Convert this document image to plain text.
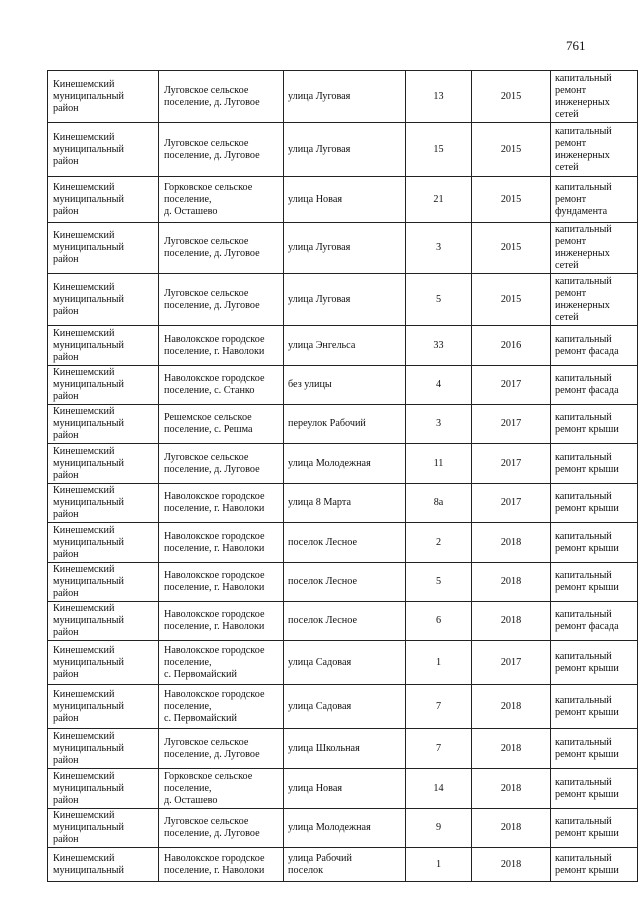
761
Кинешемский
муниципальный
район	Луговское сельское
поселение, д. Луговое	улица Луговая	13	2015	капитальный
ремонт
инженерных
сетей
Кинешемский
муниципальный
район	Луговское сельское
поселение, д. Луговое	улица Луговая	15	2015	капитальный
ремонт
инженерных
сетей
Кинешемский
муниципальный
район	Горковское сельское
поселение,
д. Осташево	улица Новая	21	2015	капитальный
ремонт
фундамента
Кинешемский
муниципальный
район	Луговское сельское
поселение, д. Луговое	улица Луговая	3	2015	капитальный
ремонт
инженерных
сетей
Кинешемский
муниципальный
район	Луговское сельское
поселение, д. Луговое	улица Луговая	5	2015	капитальный
ремонт
инженерных
сетей
Кинешемский
муниципальный
район	Наволокское городское
поселение, г. Наволоки	улица Энгельса	33	2016	капитальный
ремонт фасада
Кинешемский
муниципальный
район	Наволокское городское
поселение, с. Станко	без улицы	4	2017	капитальный
ремонт фасада
Кинешемский
муниципальный
район	Решемское сельское
поселение, с. Решма	переулок Рабочий	3	2017	капитальный
ремонт крыши
Кинешемский
муниципальный
район	Луговское сельское
поселение, д. Луговое	улица Молодежная	11	2017	капитальный
ремонт крыши
Кинешемский
муниципальный
район	Наволокское городское
поселение, г. Наволоки	улица 8 Марта	8а	2017	капитальный
ремонт крыши
Кинешемский
муниципальный
район	Наволокское городское
поселение, г. Наволоки	поселок Лесное	2	2018	капитальный
ремонт крыши
Кинешемский
муниципальный
район	Наволокское городское
поселение, г. Наволоки	поселок Лесное	5	2018	капитальный
ремонт крыши
Кинешемский
муниципальный
район	Наволокское городское
поселение, г. Наволоки	поселок Лесное	6	2018	капитальный
ремонт фасада
Кинешемский
муниципальный
район	Наволокское городское
поселение,
с. Первомайский	улица Садовая	1	2017	капитальный
ремонт крыши
Кинешемский
муниципальный
район	Наволокское городское
поселение,
с. Первомайский	улица Садовая	7	2018	капитальный
ремонт крыши
Кинешемский
муниципальный
район	Луговское сельское
поселение, д. Луговое	улица Школьная	7	2018	капитальный
ремонт крыши
Кинешемский
муниципальный
район	Горковское сельское
поселение,
д. Осташево	улица Новая	14	2018	капитальный
ремонт крыши
Кинешемский
муниципальный
район	Луговское сельское
поселение, д. Луговое	улица Молодежная	9	2018	капитальный
ремонт крыши
Кинешемский
муниципальный	Наволокское городское
поселение, г. Наволоки	улица Рабочий
поселок	1	2018	капитальный
ремонт крыши
